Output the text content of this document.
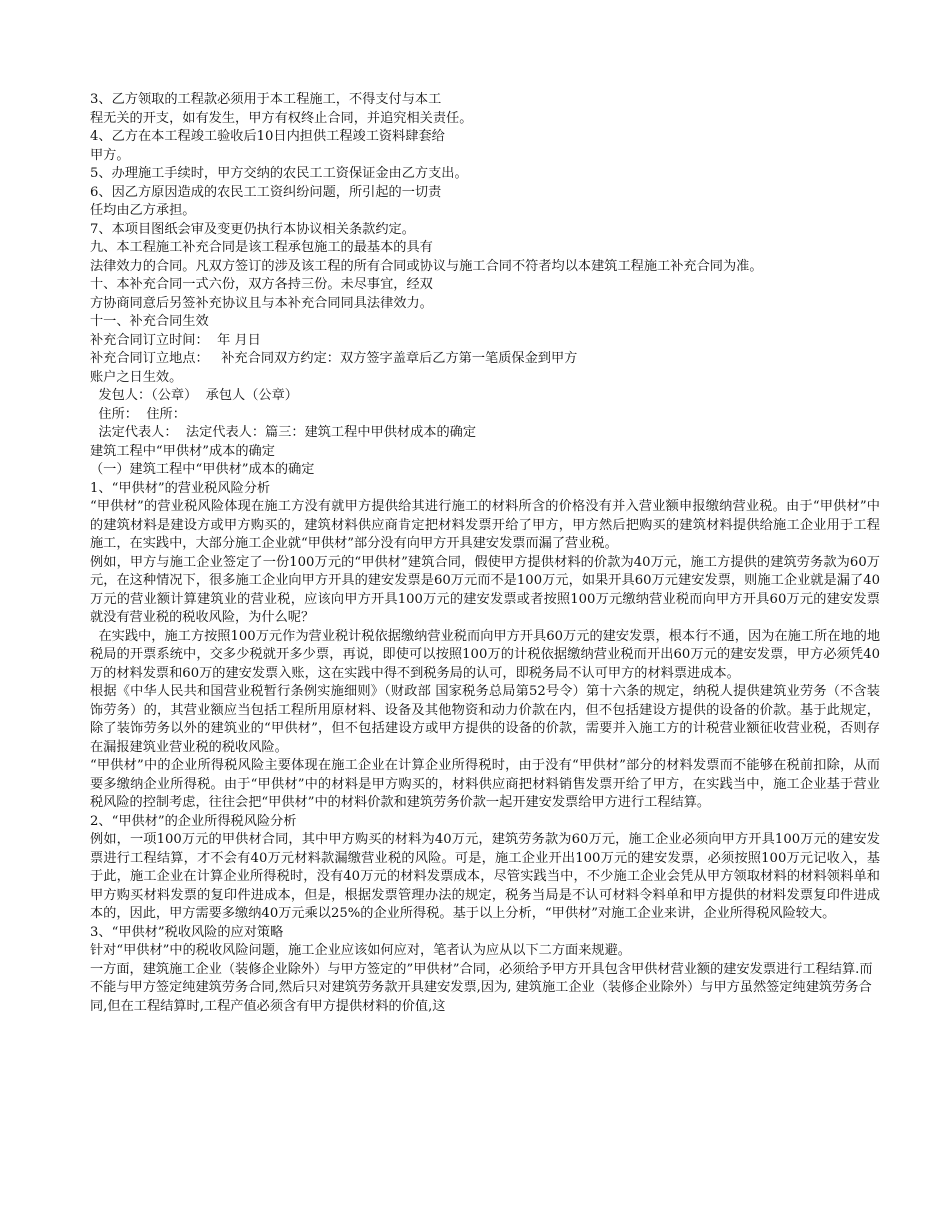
3、乙方领取的工程款必须用于本工程施工，不得支付与本工

程无关的开支，如有发生，甲方有权终止合同，并追究相关责任。

4、乙方在本工程竣工验收后10日内担供工程竣工资料肆套给

甲方。

5、办理施工手续时，甲方交纳的农民工工资保证金由乙方支出。

6、因乙方原因造成的农民工工资纠纷问题，所引起的一切责

任均由乙方承担。

7、本项目图纸会审及变更仍执行本协议相关条款约定。

九、本工程施工补充合同是该工程承包施工的最基本的具有

法律效力的合同。凡双方签订的涉及该工程的所有合同或协议与施工合同不符者均以本建筑工程施工补充合同为准。

十、本补充合同一式六份，双方各持三份。未尽事宜，经双

方协商同意后另签补充协议且与本补充合同同具法律效力。

十一、补充合同生效

补充合同订立时间：  年 月日

补充合同订立地点：   补充合同双方约定：双方签字盖章后乙方第一笔质保金到甲方

账户之日生效。

发包人：（公章）  承包人（公章）

住所：  住所：

法定代表人：  法定代表人：篇三：建筑工程中甲供材成本的确定

建筑工程中“甲供材”成本的确定

（一）建筑工程中“甲供材”成本的确定

1、“甲供材”的营业税风险分析

“甲供材”的营业税风险体现在施工方没有就甲方提供给其进行施工的材料所含的价格没有并入营业额申报缴纳营业税。由于“甲供材”中的建筑材料是建设方或甲方购买的，建筑材料供应商肯定把材料发票开给了甲方，甲方然后把购买的建筑材料提供给施工企业用于工程施工，在实践中，大部分施工企业就“甲供材”部分没有向甲方开具建安发票而漏了营业税。

例如，甲方与施工企业签定了一份100万元的“甲供材”建筑合同，假使甲方提供材料的价款为40万元，施工方提供的建筑劳务款为60万元，在这种情况下，很多施工企业向甲方开具的建安发票是60万元而不是100万元，如果开具60万元建安发票，则施工企业就是漏了40万元的营业额计算建筑业的营业税，应该向甲方开具100万元的建安发票或者按照100万元缴纳营业税而向甲方开具60万元的建安发票就没有营业税的税收风险，为什么呢？

在实践中，施工方按照100万元作为营业税计税依据缴纳营业税而向甲方开具60万元的建安发票，根本行不通，因为在施工所在地的地税局的开票系统中，交多少税就开多少票，再说，即使可以按照100万的计税依据缴纳营业税而开出60万元的建安发票，甲方必须凭40万的材料发票和60万的建安发票入账，这在实践中得不到税务局的认可，即税务局不认可甲方的材料票进成本。

根据《中华人民共和国营业税暂行条例实施细则》（财政部 国家税务总局第52号令）第十六条的规定，纳税人提供建筑业劳务（不含装饰劳务）的，其营业额应当包括工程所用原材料、设备及其他物资和动力价款在内，但不包括建设方提供的设备的价款。基于此规定，除了装饰劳务以外的建筑业的“甲供材”，但不包括建设方或甲方提供的设备的价款，需要并入施工方的计税营业额征收营业税，否则存在漏报建筑业营业税的税收风险。

“甲供材”中的企业所得税风险主要体现在施工企业在计算企业所得税时，由于没有“甲供材”部分的材料发票而不能够在税前扣除，从而要多缴纳企业所得税。由于“甲供材”中的材料是甲方购买的，材料供应商把材料销售发票开给了甲方，在实践当中，施工企业基于营业税风险的控制考虑，往往会把“甲供材”中的材料价款和建筑劳务价款一起开建安发票给甲方进行工程结算。

2、“甲供材”的企业所得税风险分析

例如，一项100万元的甲供材合同，其中甲方购买的材料为40万元，建筑劳务款为60万元，施工企业必须向甲方开具100万元的建安发票进行工程结算，才不会有40万元材料款漏缴营业税的风险。可是，施工企业开出100万元的建安发票，必须按照100万元记收入，基于此，施工企业在计算企业所得税时，没有40万元的材料发票成本，尽管实践当中，不少施工企业会凭从甲方领取材料的材料领料单和甲方购买材料发票的复印件进成本，但是，根据发票管理办法的规定，税务当局是不认可材料令料单和甲方提供的材料发票复印件进成本的，因此，甲方需要多缴纳40万元乘以25%的企业所得税。基于以上分析，“甲供材”对施工企业来讲，企业所得税风险较大。

3、“甲供材”税收风险的应对策略

针对“甲供材”中的税收风险问题，施工企业应该如何应对，笔者认为应从以下二方面来规避。

一方面，建筑施工企业（装修企业除外）与甲方签定的”甲供材”合同，必须给予甲方开具包含甲供材营业额的建安发票进行工程结算.而不能与甲方签定纯建筑劳务合同,然后只对建筑劳务款开具建安发票,因为, 建筑施工企业（装修企业除外）与甲方虽然签定纯建筑劳务合同,但在工程结算时,工程产值必须含有甲方提供材料的价值,这
